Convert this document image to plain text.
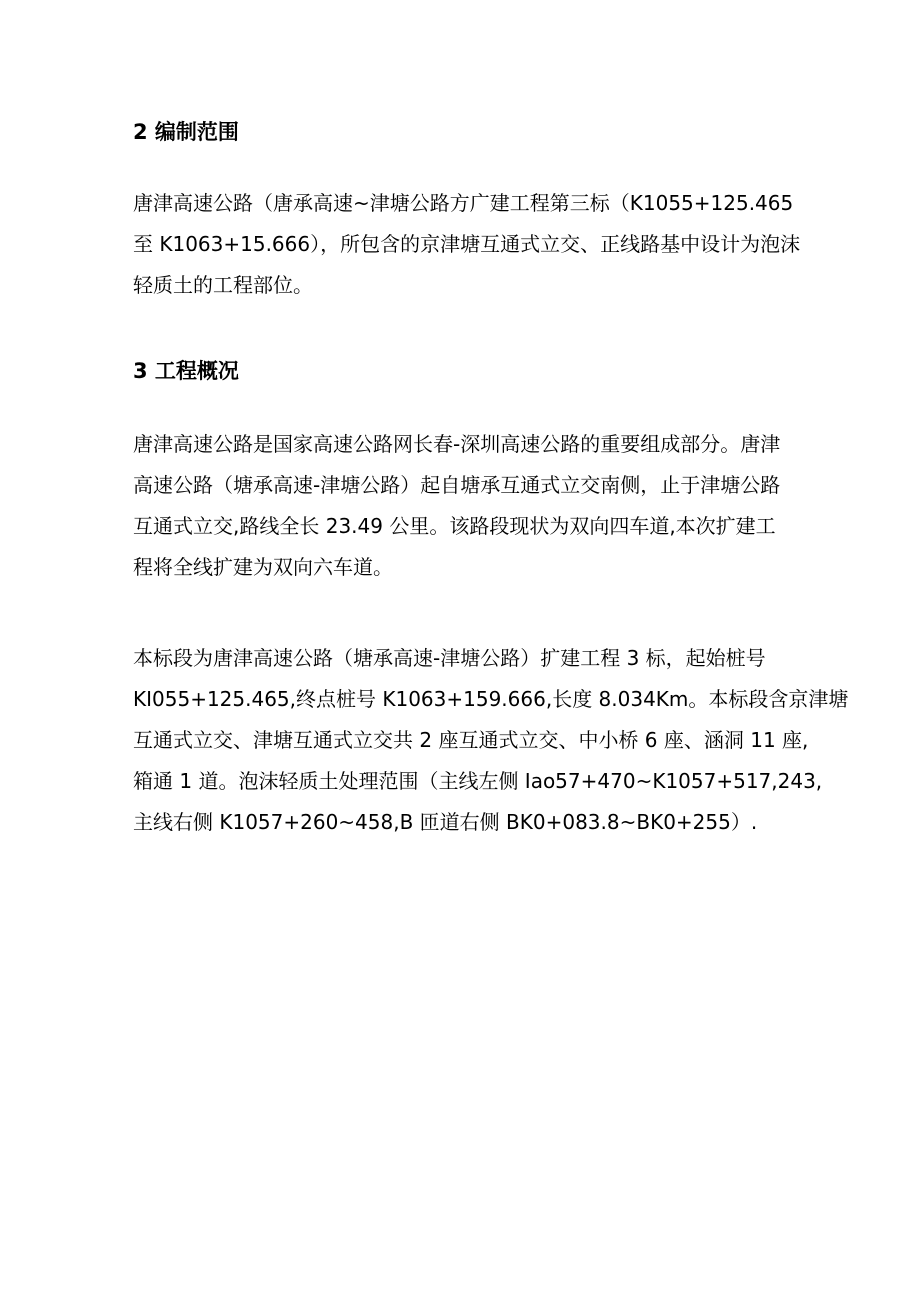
2 编制范围

唐津高速公路（唐承高速~津塘公路方广建工程第三标（K1055+125.465
至 K1063+15.666），所包含的京津塘互通式立交、正线路基中设计为泡沫
轻质土的工程部位。

3 工程概况

唐津高速公路是国家高速公路网长春-深圳高速公路的重要组成部分。唐津
高速公路（塘承高速-津塘公路）起自塘承互通式立交南侧，止于津塘公路
互通式立交,路线全长 23.49 公里。该路段现状为双向四车道,本次扩建工
程将全线扩建为双向六车道。

本标段为唐津高速公路（塘承高速-津塘公路）扩建工程 3 标，起始桩号
KI055+125.465,终点桩号 K1063+159.666,长度 8.034Km。本标段含京津塘
互通式立交、津塘互通式立交共 2 座互通式立交、中小桥 6 座、涵洞 11 座,
箱通 1 道。泡沫轻质土处理范围（主线左侧 Iao57+470~K1057+517,243,
主线右侧 K1057+260~458,B 匝道右侧 BK0+083.8~BK0+255）.
